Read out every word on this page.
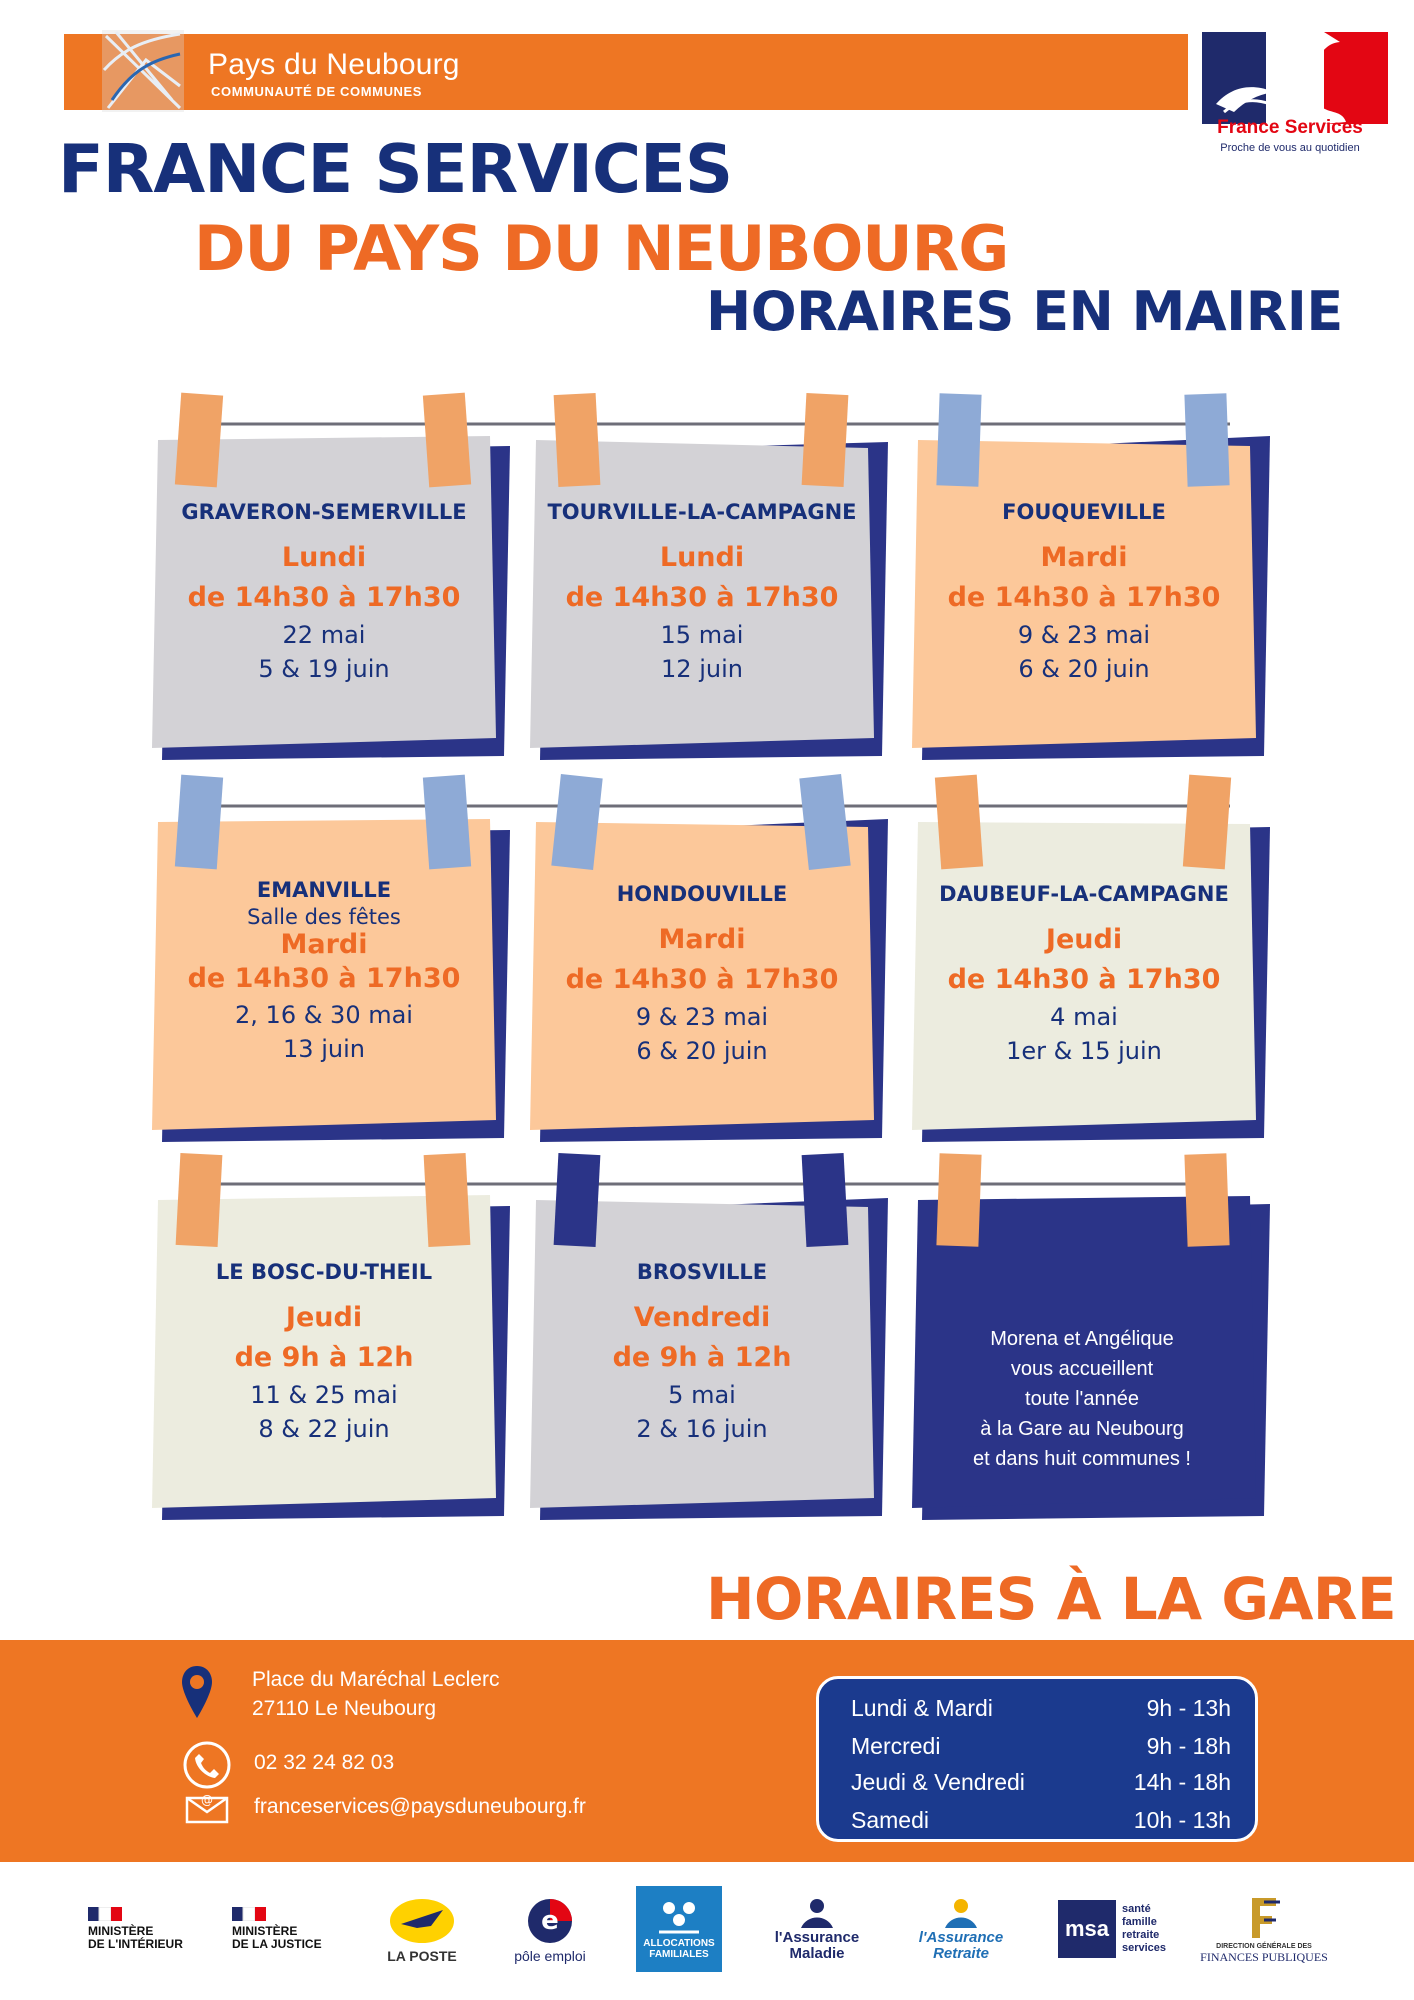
Pays du Neubourg
COMMUNAUTÉ DE COMMUNES
France Services
Proche de vous au quotidien
FRANCE SERVICES
DU PAYS DU NEUBOURG
HORAIRES EN MAIRIE
GRAVERON-SEMERVILLE
Lundi
de 14h30 à 17h30
22 mai
5 & 19 juin
TOURVILLE-LA-CAMPAGNE
Lundi
de 14h30 à 17h30
15 mai
12 juin
FOUQUEVILLE
Mardi
de 14h30 à 17h30
9 & 23 mai
6 & 20 juin
EMANVILLE
Salle des fêtes
Mardi
de 14h30 à 17h30
2, 16 & 30 mai
13 juin
HONDOUVILLE
Mardi
de 14h30 à 17h30
9 & 23 mai
6 & 20 juin
DAUBEUF-LA-CAMPAGNE
Jeudi
de 14h30 à 17h30
4 mai
1er & 15 juin
LE BOSC-DU-THEIL
Jeudi
de 9h à 12h
11 & 25 mai
8 & 22 juin
BROSVILLE
Vendredi
de 9h à 12h
5 mai
2 & 16 juin
Morena et Angélique
vous accueillent
toute l'année
à la Gare au Neubourg
et dans huit communes !
HORAIRES À LA GARE
Place du Maréchal Leclerc
27110 Le Neubourg
02 32 24 82 03
@ franceservices@paysduneubourg.fr
Lundi & Mardi	9h - 13h
Mercredi	9h - 18h
Jeudi & Vendredi	14h - 18h
Samedi	10h - 13h
MINISTÈRE
DE L'INTÉRIEUR
MINISTÈRE
DE LA JUSTICE
LA POSTE
e
pôle emploi
ALLOCATIONS
FAMILIALES
l'Assurance
Maladie
l'Assurance
Retraite
msa
santé
famille
retraite
services	DIRECTION GÉNÉRALE DES
FINANCES PUBLIQUES
